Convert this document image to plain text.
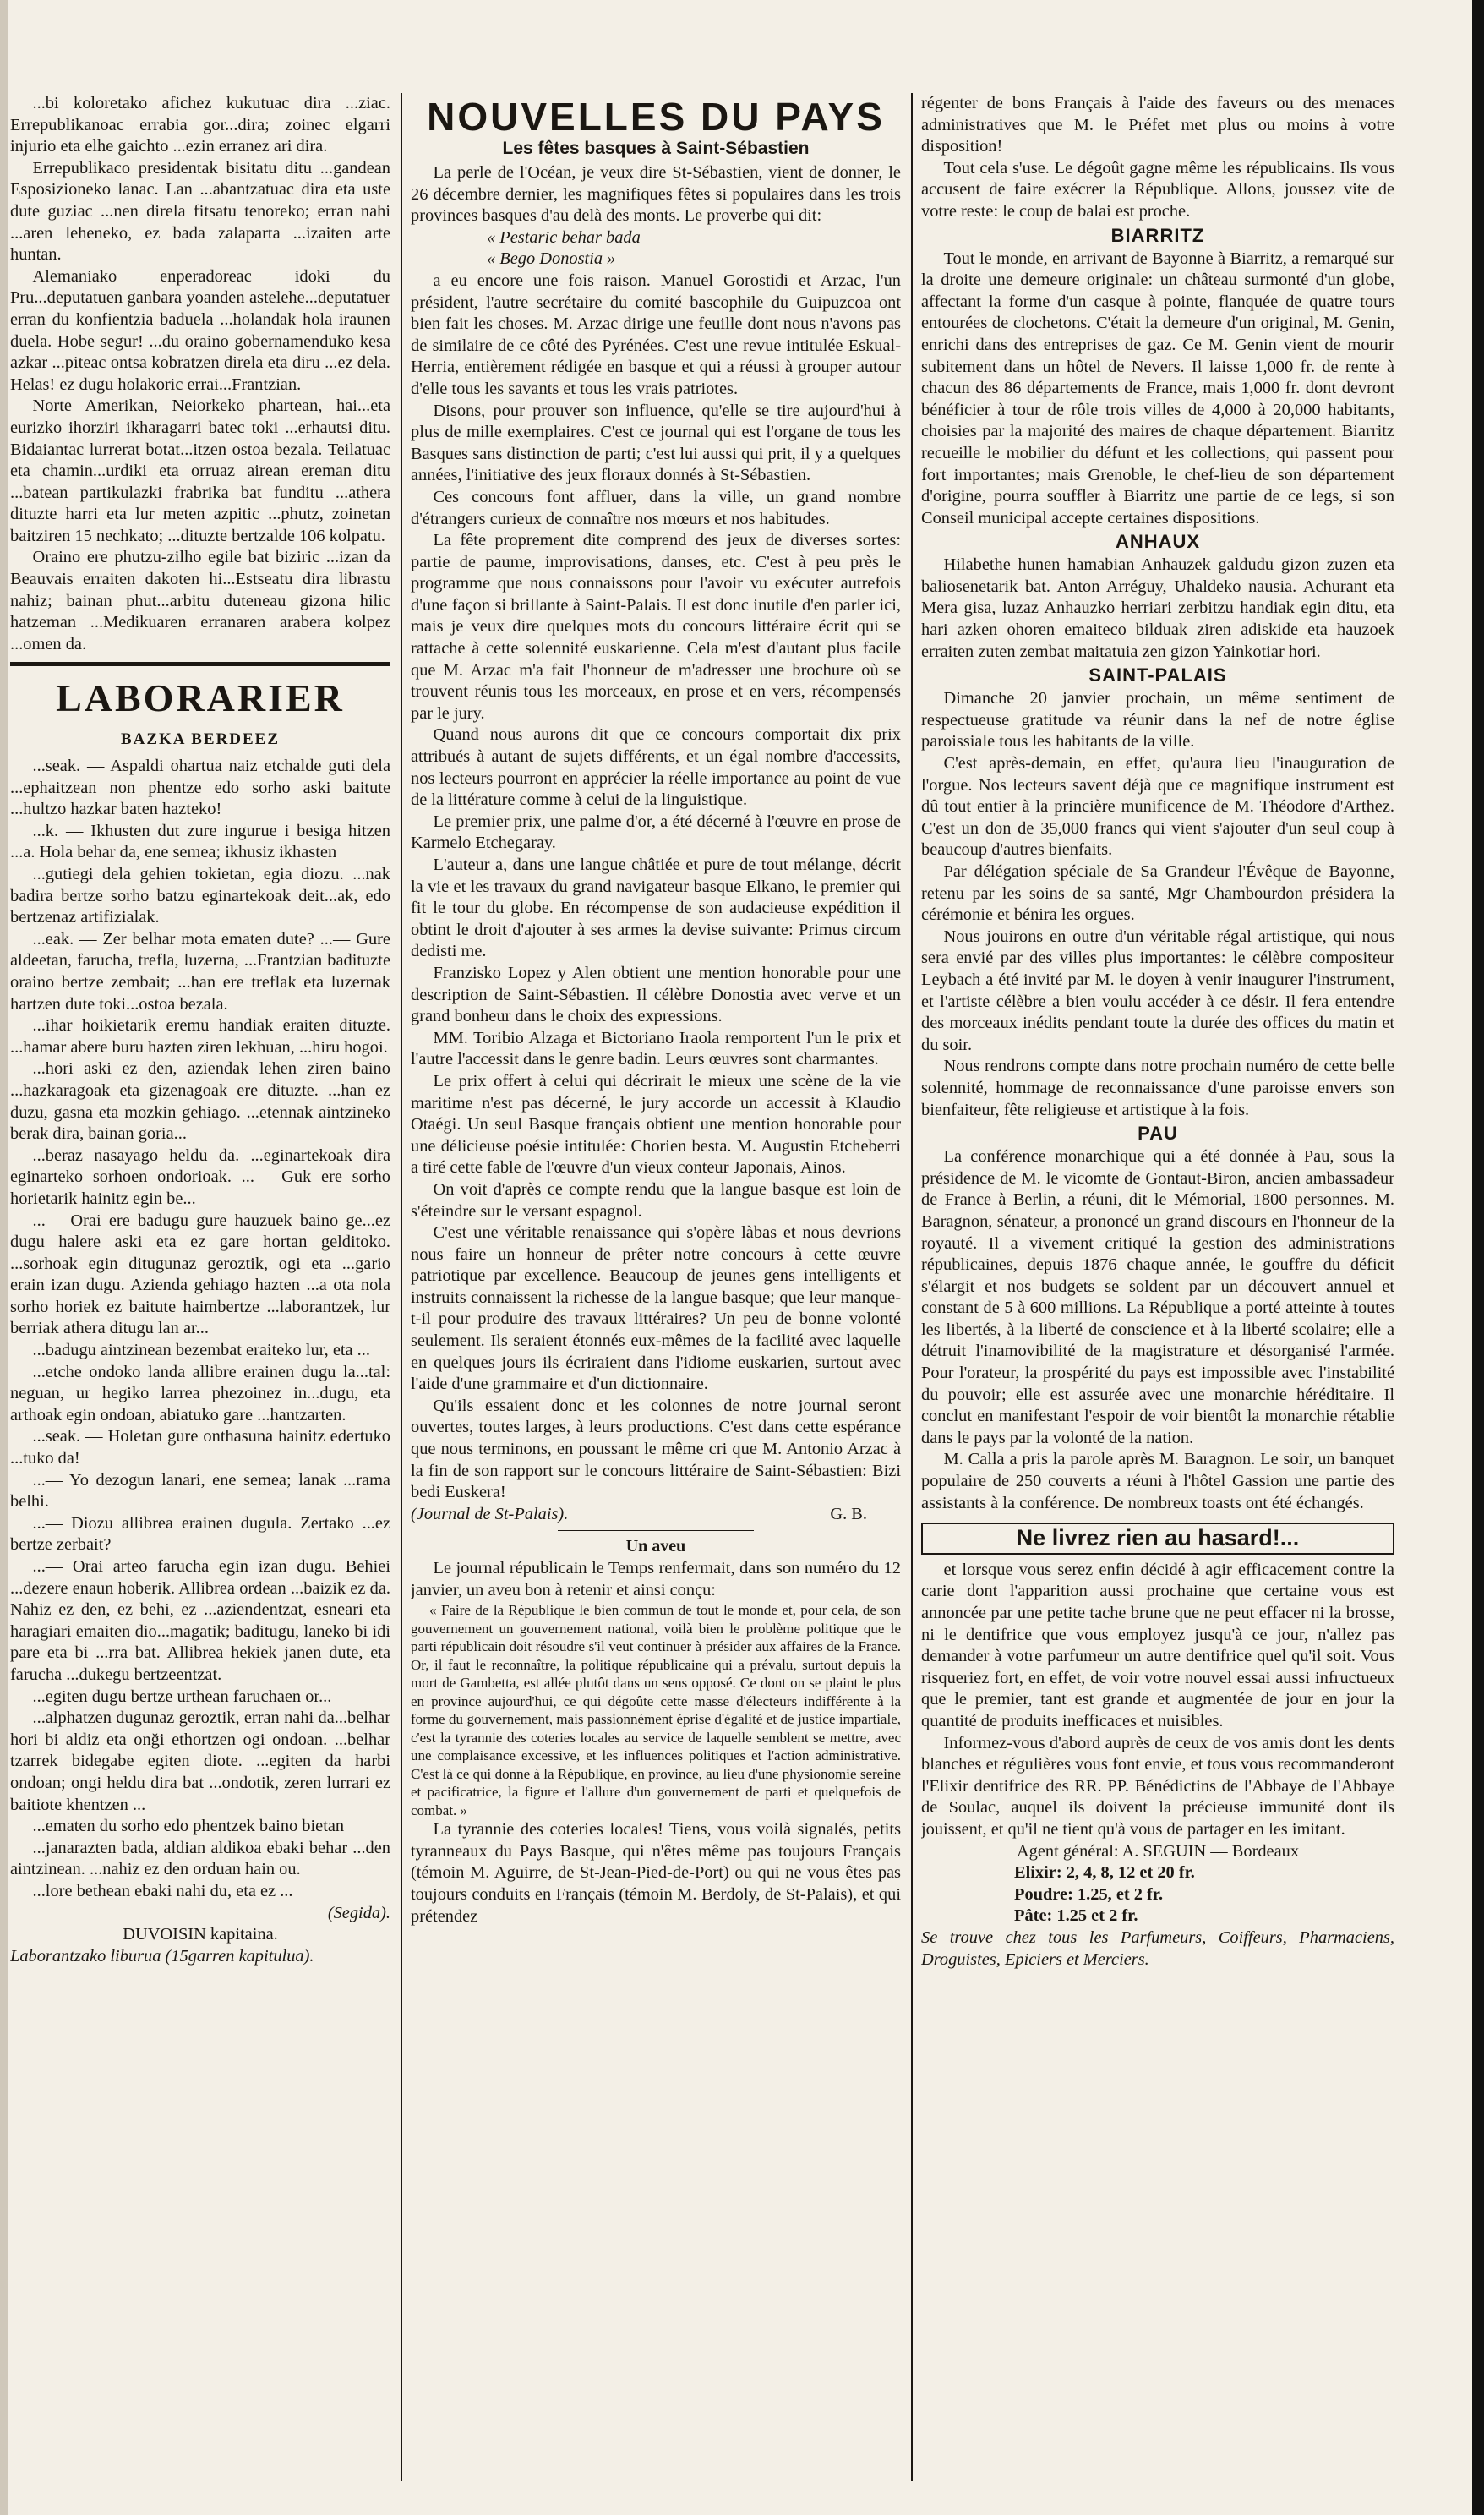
...bi koloretako afichez kukutuac dira ...ziac. Errepublikanoac errabia gor...dira; zoinec elgarri injurio eta elhe gaichto ...ezin erranez ari dira.

Errepublikaco presidentak bisitatu ditu ...gandean Esposizioneko lanac. Lan ...abantzatuac dira eta uste dute guziac ...nen direla fitsatu tenoreko; erran nahi ...aren leheneko, ez bada zalaparta ...izaiten arte huntan.

Alemaniako enperadoreac idoki du Pru...deputatuen ganbara yoanden astelehe...deputatuer erran du konfientzia baduela ...holandak hola iraunen duela. Hobe segur! ...du oraino gobernamenduko kesa azkar ...piteac ontsa kobratzen direla eta diru ...ez dela. Helas! ez dugu holakoric errai...Frantzian.

Norte Amerikan, Neiorkeko phartean, hai...eta eurizko ihorziri ikharagarri batec toki ...erhautsi ditu. Bidaiantac lurrerat botat...itzen ostoa bezala. Teilatuac eta chamin...urdiki eta orruaz airean ereman ditu ...batean partikulazki frabrika bat funditu ...athera dituzte harri eta lur meten azpitic ...phutz, zoinetan baitziren 15 nechkato; ...dituzte bertzalde 106 kolpatu.

Oraino ere phutzu-zilho egile bat biziric ...izan da Beauvais erraiten dakoten hi...Estseatu dira librastu nahiz; bainan phut...arbitu duteneau gizona hilic hatzeman ...Medikuaren erranaren arabera kolpez ...omen da.

LABORARIER
BAZKA BERDEEZ

...seak. — Aspaldi ohartua naiz etchalde guti dela ...ephaitzean non phentze edo sorho aski baitute ...hultzo hazkar baten hazteko!

...k. — Ikhusten dut zure ingurue i besiga hitzen ...a. Hola behar da, ene semea; ikhusiz ikhasten

...gutiegi dela gehien tokietan, egia diozu. ...nak badira bertze sorho batzu eginartekoak deit...ak, edo bertzenaz artifizialak.

...eak. — Zer belhar mota ematen dute? ...— Gure aldeetan, farucha, trefla, luzerna, ...Frantzian badituzte oraino bertze zembait; ...han ere treflak eta luzernak hartzen dute toki...ostoa bezala.

...ihar hoikietarik eremu handiak eraiten dituzte. ...hamar abere buru hazten ziren lekhuan, ...hiru hogoi.

...hori aski ez den, aziendak lehen ziren baino ...hazkaragoak eta gizenagoak ere dituzte. ...han ez duzu, gasna eta mozkin gehiago. ...etennak aintzineko berak dira, bainan goria...

...beraz nasayago heldu da. ...eginartekoak dira eginarteko sorhoen ondorioak. ...— Guk ere sorho horietarik hainitz egin be...

...— Orai ere badugu gure hauzuek baino ge...ez dugu halere aski eta ez gare hortan gelditoko. ...sorhoak egin ditugunaz geroztik, ogi eta ...gario erain izan dugu. Azienda gehiago hazten ...a ota nola sorho horiek ez baitute haimbertze ...laborantzek, lur berriak athera ditugu lan ar...

...badugu aintzinean bezembat eraiteko lur, eta ...

...etche ondoko landa allibre erainen dugu la...tal: neguan, ur hegiko larrea phezoinez in...dugu, eta arthoak egin ondoan, abiatuko gare ...hantzarten.

...seak. — Holetan gure onthasuna hainitz edertuko ...tuko da!

...— Yo dezogun lanari, ene semea; lanak ...rama belhi.

...— Diozu allibrea erainen dugula. Zertako ...ez bertze zerbait?

...— Orai arteo farucha egin izan dugu. Behiei ...dezere enaun hoberik. Allibrea ordean ...baizik ez da. Nahiz ez den, ez behi, ez ...aziendentzat, esneari eta haragiari emaiten dio...magatik; baditugu, laneko bi idi pare eta bi ...rra bat. Allibrea hekiek janen dute, eta farucha ...dukegu bertzeentzat.

...egiten dugu bertze urthean faruchaen or...

...alphatzen dugunaz geroztik, erran nahi da...belhar hori bi aldiz eta onği ethortzen ogi ondoan. ...belhar tzarrek bidegabe egiten diote. ...egiten da harbi ondoan; ongi heldu dira bat ...ondotik, zeren lurrari ez baitiote khentzen ...

...ematen du sorho edo phentzek baino bietan

...janarazten bada, aldian aldikoa ebaki behar ...den aintzinean. ...nahiz ez den orduan hain ou.

...lore bethean ebaki nahi du, eta ez ...

(Segida).

DUVOISIN kapitaina.

Laborantzako liburua (15garren kapitulua).

NOUVELLES DU PAYS
Les fêtes basques à Saint-Sébastien

La perle de l'Océan, je veux dire St-Sébastien, vient de donner, le 26 décembre dernier, les magnifiques fêtes si populaires dans les trois provinces basques d'au delà des monts. Le proverbe qui dit:

« Pestaric behar bada

« Bego Donostia »

a eu encore une fois raison. Manuel Gorostidi et Arzac, l'un président, l'autre secrétaire du comité bascophile du Guipuzcoa ont bien fait les choses. M. Arzac dirige une feuille dont nous n'avons pas de similaire de ce côté des Pyrénées. C'est une revue intitulée Eskual-Herria, entièrement rédigée en basque et qui a réussi à grouper autour d'elle tous les savants et tous les vrais patriotes.

Disons, pour prouver son influence, qu'elle se tire aujourd'hui à plus de mille exemplaires. C'est ce journal qui est l'organe de tous les Basques sans distinction de parti; c'est lui aussi qui prit, il y a quelques années, l'initiative des jeux floraux donnés à St-Sébastien.

Ces concours font affluer, dans la ville, un grand nombre d'étrangers curieux de connaître nos mœurs et nos habitudes.

La fête proprement dite comprend des jeux de diverses sortes: partie de paume, improvisations, danses, etc. C'est à peu près le programme que nous connaissons pour l'avoir vu exécuter autrefois d'une façon si brillante à Saint-Palais. Il est donc inutile d'en parler ici, mais je veux dire quelques mots du concours littéraire écrit qui se rattache à cette solennité euskarienne. Cela m'est d'autant plus facile que M. Arzac m'a fait l'honneur de m'adresser une brochure où se trouvent réunis tous les morceaux, en prose et en vers, récompensés par le jury.

Quand nous aurons dit que ce concours comportait dix prix attribués à autant de sujets différents, et un égal nombre d'accessits, nos lecteurs pourront en apprécier la réelle importance au point de vue de la littérature comme à celui de la linguistique.

Le premier prix, une palme d'or, a été décerné à l'œuvre en prose de Karmelo Etchegaray.

L'auteur a, dans une langue châtiée et pure de tout mélange, décrit la vie et les travaux du grand navigateur basque Elkano, le premier qui fit le tour du globe. En récompense de son audacieuse expédition il obtint le droit d'ajouter à ses armes la devise suivante: Primus circum dedisti me.

Franzisko Lopez y Alen obtient une mention honorable pour une description de Saint-Sébastien. Il célèbre Donostia avec verve et un grand bonheur dans le choix des expressions.

MM. Toribio Alzaga et Bictoriano Iraola remportent l'un le prix et l'autre l'accessit dans le genre badin. Leurs œuvres sont charmantes.

Le prix offert à celui qui décrirait le mieux une scène de la vie maritime n'est pas décerné, le jury accorde un accessit à Klaudio Otaégi. Un seul Basque français obtient une mention honorable pour une délicieuse poésie intitulée: Chorien besta. M. Augustin Etcheberri a tiré cette fable de l'œuvre d'un vieux conteur Japonais, Ainos.

On voit d'après ce compte rendu que la langue basque est loin de s'éteindre sur le versant espagnol.

C'est une véritable renaissance qui s'opère làbas et nous devrions nous faire un honneur de prêter notre concours à cette œuvre patriotique par excellence. Beaucoup de jeunes gens intelligents et instruits connaissent la richesse de la langue basque; que leur manque-t-il pour produire des travaux littéraires? Un peu de bonne volonté seulement. Ils seraient étonnés eux-mêmes de la facilité avec laquelle en quelques jours ils écriraient dans l'idiome euskarien, surtout avec l'aide d'une grammaire et d'un dictionnaire.

Qu'ils essaient donc et les colonnes de notre journal seront ouvertes, toutes larges, à leurs productions. C'est dans cette espérance que nous terminons, en poussant le même cri que M. Antonio Arzac à la fin de son rapport sur le concours littéraire de Saint-Sébastien: Bizi bedi Euskera!

(Journal de St-Palais).	G. B.

Un aveu

Le journal républicain le Temps renfermait, dans son numéro du 12 janvier, un aveu bon à retenir et ainsi conçu:

« Faire de la République le bien commun de tout le monde et, pour cela, de son gouvernement un gouvernement national, voilà bien le problème politique que le parti républicain doit résoudre s'il veut continuer à présider aux affaires de la France. Or, il faut le reconnaître, la politique républicaine qui a prévalu, surtout depuis la mort de Gambetta, est allée plutôt dans un sens opposé. Ce dont on se plaint le plus en province aujourd'hui, ce qui dégoûte cette masse d'électeurs indifférente à la forme du gouvernement, mais passionnément éprise d'égalité et de justice impartiale, c'est la tyrannie des coteries locales au service de laquelle semblent se mettre, avec une complaisance excessive, et les influences politiques et l'action administrative. C'est là ce qui donne à la République, en province, au lieu d'une physionomie sereine et pacificatrice, la figure et l'allure d'un gouvernement de parti et quelquefois de combat. »

La tyrannie des coteries locales! Tiens, vous voilà signalés, petits tyranneaux du Pays Basque, qui n'êtes même pas toujours Français (témoin M. Aguirre, de St-Jean-Pied-de-Port) ou qui ne vous êtes pas toujours conduits en Français (témoin M. Berdoly, de St-Palais), et qui prétendez

régenter de bons Français à l'aide des faveurs ou des menaces administratives que M. le Préfet met plus ou moins à votre disposition!

Tout cela s'use. Le dégoût gagne même les républicains. Ils vous accusent de faire exécrer la République. Allons, joussez vite de votre reste: le coup de balai est proche.

BIARRITZ

Tout le monde, en arrivant de Bayonne à Biarritz, a remarqué sur la droite une demeure originale: un château surmonté d'un globe, affectant la forme d'un casque à pointe, flanquée de quatre tours entourées de clochetons. C'était la demeure d'un original, M. Genin, enrichi dans des entreprises de gaz. Ce M. Genin vient de mourir subitement dans un hôtel de Nevers. Il laisse 1,000 fr. de rente à chacun des 86 départements de France, mais 1,000 fr. dont devront bénéficier à tour de rôle trois villes de 4,000 à 20,000 habitants, choisies par la majorité des maires de chaque département. Biarritz recueille le mobilier du défunt et les collections, qui passent pour fort importantes; mais Grenoble, le chef-lieu de son département d'origine, pourra souffler à Biarritz une partie de ce legs, si son Conseil municipal accepte certaines dispositions.

ANHAUX

Hilabethe hunen hamabian Anhauzek galdudu gizon zuzen eta baliosenetarik bat. Anton Arréguy, Uhaldeko nausia. Achurant eta Mera gisa, luzaz Anhauzko herriari zerbitzu handiak egin ditu, eta hari azken ohoren emaiteco bilduak ziren adiskide eta hauzoek erraiten zuten zembat maitatuia zen gizon Yainkotiar hori.

SAINT-PALAIS

Dimanche 20 janvier prochain, un même sentiment de respectueuse gratitude va réunir dans la nef de notre église paroissiale tous les habitants de la ville.

C'est après-demain, en effet, qu'aura lieu l'inauguration de l'orgue. Nos lecteurs savent déjà que ce magnifique instrument est dû tout entier à la princière munificence de M. Théodore d'Arthez. C'est un don de 35,000 francs qui vient s'ajouter d'un seul coup à beaucoup d'autres bienfaits.

Par délégation spéciale de Sa Grandeur l'Évêque de Bayonne, retenu par les soins de sa santé, Mgr Chambourdon présidera la cérémonie et bénira les orgues.

Nous jouirons en outre d'un véritable régal artistique, qui nous sera envié par des villes plus importantes: le célèbre compositeur Leybach a été invité par M. le doyen à venir inaugurer l'instrument, et l'artiste célèbre a bien voulu accéder à ce désir. Il fera entendre des morceaux inédits pendant toute la durée des offices du matin et du soir.

Nous rendrons compte dans notre prochain numéro de cette belle solennité, hommage de reconnaissance d'une paroisse envers son bienfaiteur, fête religieuse et artistique à la fois.

PAU

La conférence monarchique qui a été donnée à Pau, sous la présidence de M. le vicomte de Gontaut-Biron, ancien ambassadeur de France à Berlin, a réuni, dit le Mémorial, 1800 personnes. M. Baragnon, sénateur, a prononcé un grand discours en l'honneur de la royauté. Il a vivement critiqué la gestion des administrations républicaines, depuis 1876 chaque année, le gouffre du déficit s'élargit et nos budgets se soldent par un découvert annuel et constant de 5 à 600 millions. La République a porté atteinte à toutes les libertés, à la liberté de conscience et à la liberté scolaire; elle a détruit l'inamovibilité de la magistrature et désorganisé l'armée. Pour l'orateur, la prospérité du pays est impossible avec l'instabilité du pouvoir; elle est assurée avec une monarchie héréditaire. Il conclut en manifestant l'espoir de voir bientôt la monarchie rétablie dans le pays par la volonté de la nation.

M. Calla a pris la parole après M. Baragnon. Le soir, un banquet populaire de 250 couverts a réuni à l'hôtel Gassion une partie des assistants à la conférence. De nombreux toasts ont été échangés.

Ne livrez rien au hasard!...

et lorsque vous serez enfin décidé à agir efficacement contre la carie dont l'apparition aussi prochaine que certaine vous est annoncée par une petite tache brune que ne peut effacer ni la brosse, ni le dentifrice que vous employez jusqu'à ce jour, n'allez pas demander à votre parfumeur un autre dentifrice quel qu'il soit. Vous risqueriez fort, en effet, de voir votre nouvel essai aussi infructueux que le premier, tant est grande et augmentée de jour en jour la quantité de produits inefficaces et nuisibles.

Informez-vous d'abord auprès de ceux de vos amis dont les dents blanches et régulières vous font envie, et tous vous recommanderont l'Elixir dentifrice des RR. PP. Bénédictins de l'Abbaye de l'Abbaye de Soulac, auquel ils doivent la précieuse immunité dont ils jouissent, et qu'il ne tient qu'à vous de partager en les imitant.

Agent général: A. SEGUIN — Bordeaux

Elixir: 2, 4, 8, 12 et 20 fr.

Poudre: 1.25, et 2 fr.

Pâte: 1.25 et 2 fr.

Se trouve chez tous les Parfumeurs, Coiffeurs, Pharmaciens, Droguistes, Epiciers et Merciers.
